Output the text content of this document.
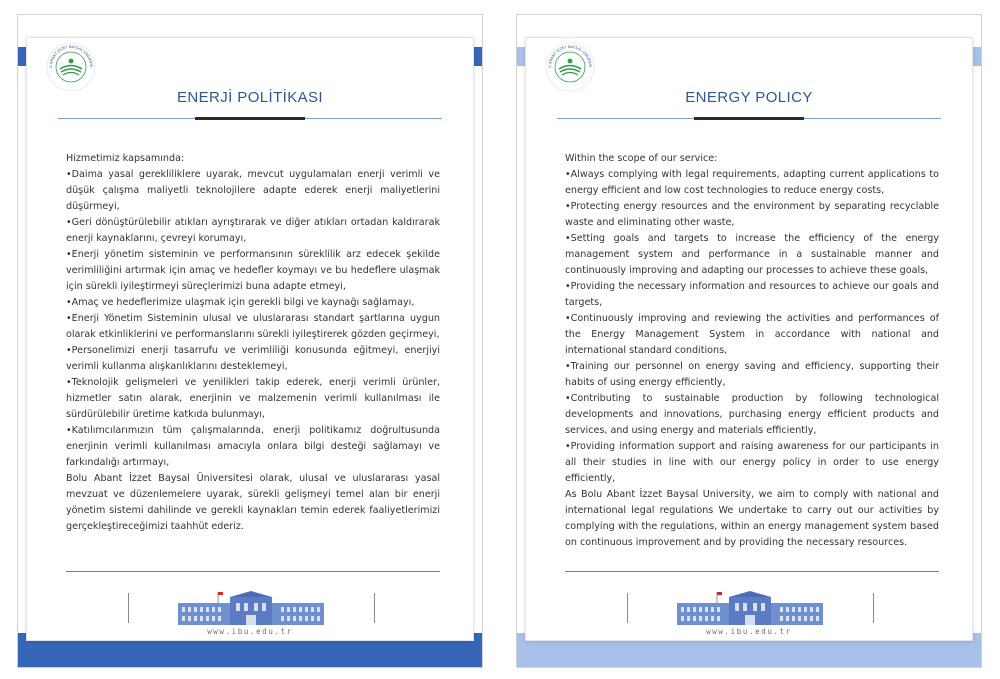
U ABANT İZZET BAYSAL ÜNİVERSİ
ENERJİ POLİTİKASI

Hizmetimiz kapsamında:

•Daima yasal gerekliliklere uyarak, mevcut uygulamaları enerji verimli ve düşük çalışma maliyetli teknolojilere adapte ederek enerji maliyetlerini düşürmeyi,

•Geri dönüştürülebilir atıkları ayrıştırarak ve diğer atıkları ortadan kaldırarak enerji kaynaklarını, çevreyi korumayı,

•Enerji yönetim sisteminin ve performansının süreklilik arz edecek şekilde verimliliğini artırmak için amaç ve hedefler koymayı ve bu hedeflere ulaşmak için sürekli iyileştirmeyi süreçlerimizi buna adapte etmeyi,

•Amaç ve hedeflerimize ulaşmak için gerekli bilgi ve kaynağı sağlamayı,

•Enerji Yönetim Sisteminin ulusal ve uluslararası standart şartlarına uygun olarak etkinliklerini ve performanslarını sürekli iyileştirerek gözden geçirmeyi,

•Personelimizi enerji tasarrufu ve verimliliği konusunda eğitmeyi, enerjiyi verimli kullanma alışkanlıklarını desteklemeyi,

•Teknolojik gelişmeleri ve yenilikleri takip ederek, enerji verimli ürünler, hizmetler satın alarak, enerjinin ve malzemenin verimli kullanılması ile sürdürülebilir üretime katkıda bulunmayı,

•Katılımcılarımızın tüm çalışmalarında, enerji politikamız doğrultusunda enerjinin verimli kullanılması amacıyla onlara bilgi desteği sağlamayı ve farkındalığı artırmayı,

Bolu Abant İzzet Baysal Üniversitesi olarak, ulusal ve uluslararası yasal mevzuat ve düzenlemelere uyarak, sürekli gelişmeyi temel alan bir enerji yönetim sistemi dahilinde ve gerekli kaynakları temin ederek faaliyetlerimizi gerçekleştireceğimizi taahhüt ederiz.

www.ibu.edu.tr
U ABANT İZZET BAYSAL ÜNİVERSİ
ENERGY POLICY

Within the scope of our service:

•Always complying with legal requirements, adapting current applications to energy efficient and low cost technologies to reduce energy costs,

•Protecting energy resources and the environment by separating recyclable waste and eliminating other waste,

•Setting goals and targets to increase the efficiency of the energy management system and performance in a sustainable manner and continuously improving and adapting our processes to achieve these goals,

•Providing the necessary information and resources to achieve our goals and targets,

•Continuously improving and reviewing the activities and performances of the Energy Management System in accordance with national and international standard conditions,

•Training our personnel on energy saving and efficiency, supporting their habits of using energy efficiently,

•Contributing to sustainable production by following technological developments and innovations, purchasing energy efficient products and services, and using energy and materials efficiently,

•Providing information support and raising awareness for our participants in all their studies in line with our energy policy in order to use energy efficiently,

As Bolu Abant İzzet Baysal University, we aim to comply with national and international legal regulations We undertake to carry out our activities by complying with the regulations, within an energy management system based on continuous improvement and by providing the necessary resources.

www.ibu.edu.tr
